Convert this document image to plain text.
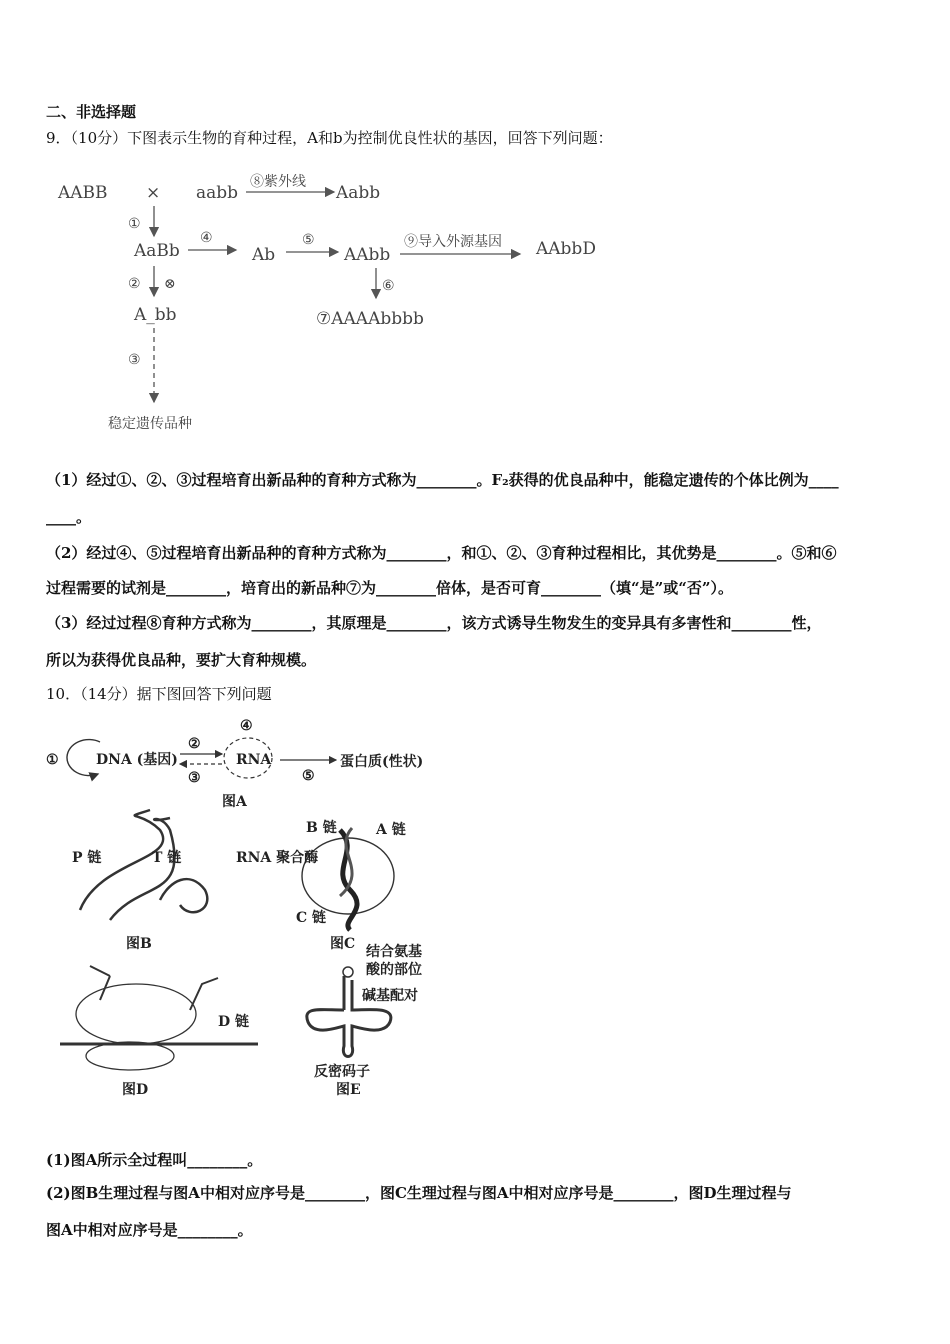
二、非选择题
9．（10分）下图表示生物的育种过程，A和b为控制优良性状的基因，回答下列问题：
AABB × aabb
⑧紫外线
Aabb
①
AaBb
④
Ab
⑤
AAbb
⑨导入外源基因 AAbbD
② ⊗	⑥
A_bb	⑦AAAAbbbb
③
稳定遗传品种
（1）经过①、②、③过程培育出新品种的育种方式称为________。F₂获得的优良品种中，能稳定遗传的个体比例为____
____。
（2）经过④、⑤过程培育出新品种的育种方式称为________，和①、②、③育种过程相比，其优势是________。⑤和⑥
过程需要的试剂是________，培育出的新品种⑦为________倍体，是否可育________（填“是”或“否”）。
（3）经过过程⑧育种方式称为________，其原理是________，该方式诱导生物发生的变异具有多害性和________性，
所以为获得优良品种，要扩大育种规模。
10．（14分）据下图回答下列问题
①	DNA (基因)
②
③
④
RNA
⑤
蛋白质(性状)
图A
P 链	T 链
图B
B 链	A 链
RNA 聚合酶
C 链
图C
D 链
图D
结合氨基
酸的部位
碱基配对
反密码子
图E
(1)图A所示全过程叫________。
(2)图B生理过程与图A中相对应序号是________，图C生理过程与图A中相对应序号是________，图D生理过程与
图A中相对应序号是________。
